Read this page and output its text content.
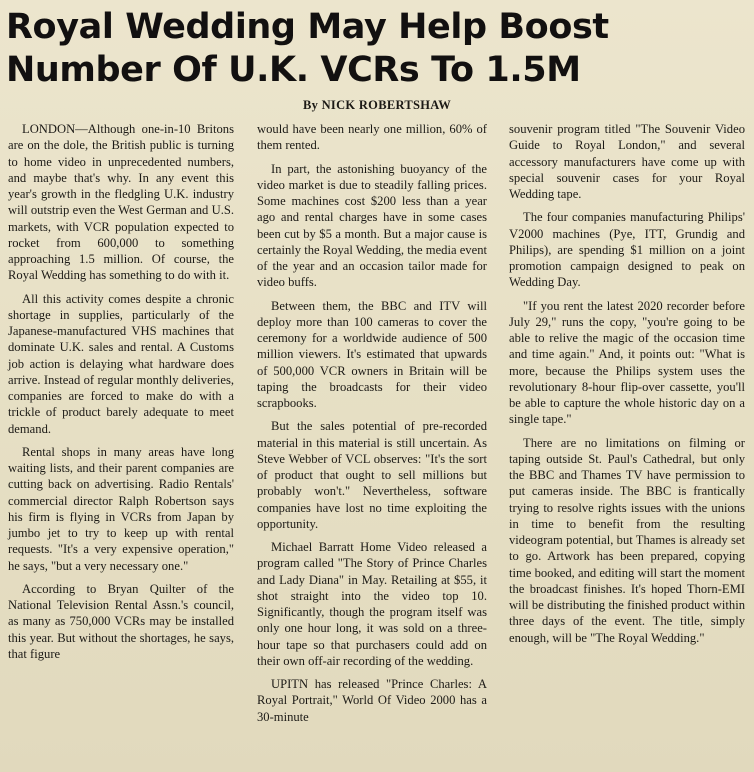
Royal Wedding May Help Boost
Number Of U.K. VCRs To 1.5M
By NICK ROBERTSHAW

LONDON—Although one-in-10 Britons are on the dole, the British public is turning to home video in unprecedented numbers, and maybe that's why. In any event this year's growth in the fledgling U.K. industry will outstrip even the West German and U.S. markets, with VCR population expected to rocket from 600,000 to something approaching 1.5 million. Of course, the Royal Wedding has something to do with it.

All this activity comes despite a chronic shortage in supplies, particularly of the Japanese-manufactured VHS machines that dominate U.K. sales and rental. A Customs job action is delaying what hardware does arrive. Instead of regular monthly deliveries, companies are forced to make do with a trickle of product barely adequate to meet demand.

Rental shops in many areas have long waiting lists, and their parent companies are cutting back on advertising. Radio Rentals' commercial director Ralph Robertson says his firm is flying in VCRs from Japan by jumbo jet to try to keep up with rental requests. "It's a very expensive operation," he says, "but a very necessary one."

According to Bryan Quilter of the National Television Rental Assn.'s council, as many as 750,000 VCRs may be installed this year. But without the shortages, he says, that figure

would have been nearly one million, 60% of them rented.

In part, the astonishing buoyancy of the video market is due to steadily falling prices. Some machines cost $200 less than a year ago and rental charges have in some cases been cut by $5 a month. But a major cause is certainly the Royal Wedding, the media event of the year and an occasion tailor made for video buffs.

Between them, the BBC and ITV will deploy more than 100 cameras to cover the ceremony for a worldwide audience of 500 million viewers. It's estimated that upwards of 500,000 VCR owners in Britain will be taping the broadcasts for their video scrapbooks.

But the sales potential of pre-recorded material in this material is still uncertain. As Steve Webber of VCL observes: "It's the sort of product that ought to sell millions but probably won't." Nevertheless, software companies have lost no time exploiting the opportunity.

Michael Barratt Home Video released a program called "The Story of Prince Charles and Lady Diana" in May. Retailing at $55, it shot straight into the video top 10. Significantly, though the program itself was only one hour long, it was sold on a three-hour tape so that purchasers could add on their own off-air recording of the wedding.

UPITN has released "Prince Charles: A Royal Portrait," World Of Video 2000 has a 30-minute

souvenir program titled "The Souvenir Video Guide to Royal London," and several accessory manufacturers have come up with special souvenir cases for your Royal Wedding tape.

The four companies manufacturing Philips' V2000 machines (Pye, ITT, Grundig and Philips), are spending $1 million on a joint promotion campaign designed to peak on Wedding Day.

"If you rent the latest 2020 recorder before July 29," runs the copy, "you're going to be able to relive the magic of the occasion time and time again." And, it points out: "What is more, because the Philips system uses the revolutionary 8-hour flip-over cassette, you'll be able to capture the whole historic day on a single tape."

There are no limitations on filming or taping outside St. Paul's Cathedral, but only the BBC and Thames TV have permission to put cameras inside. The BBC is frantically trying to resolve rights issues with the unions in time to benefit from the resulting videogram potential, but Thames is already set to go. Artwork has been prepared, copying time booked, and editing will start the moment the broadcast finishes. It's hoped Thorn-EMI will be distributing the finished product within three days of the event. The title, simply enough, will be "The Royal Wedding."
